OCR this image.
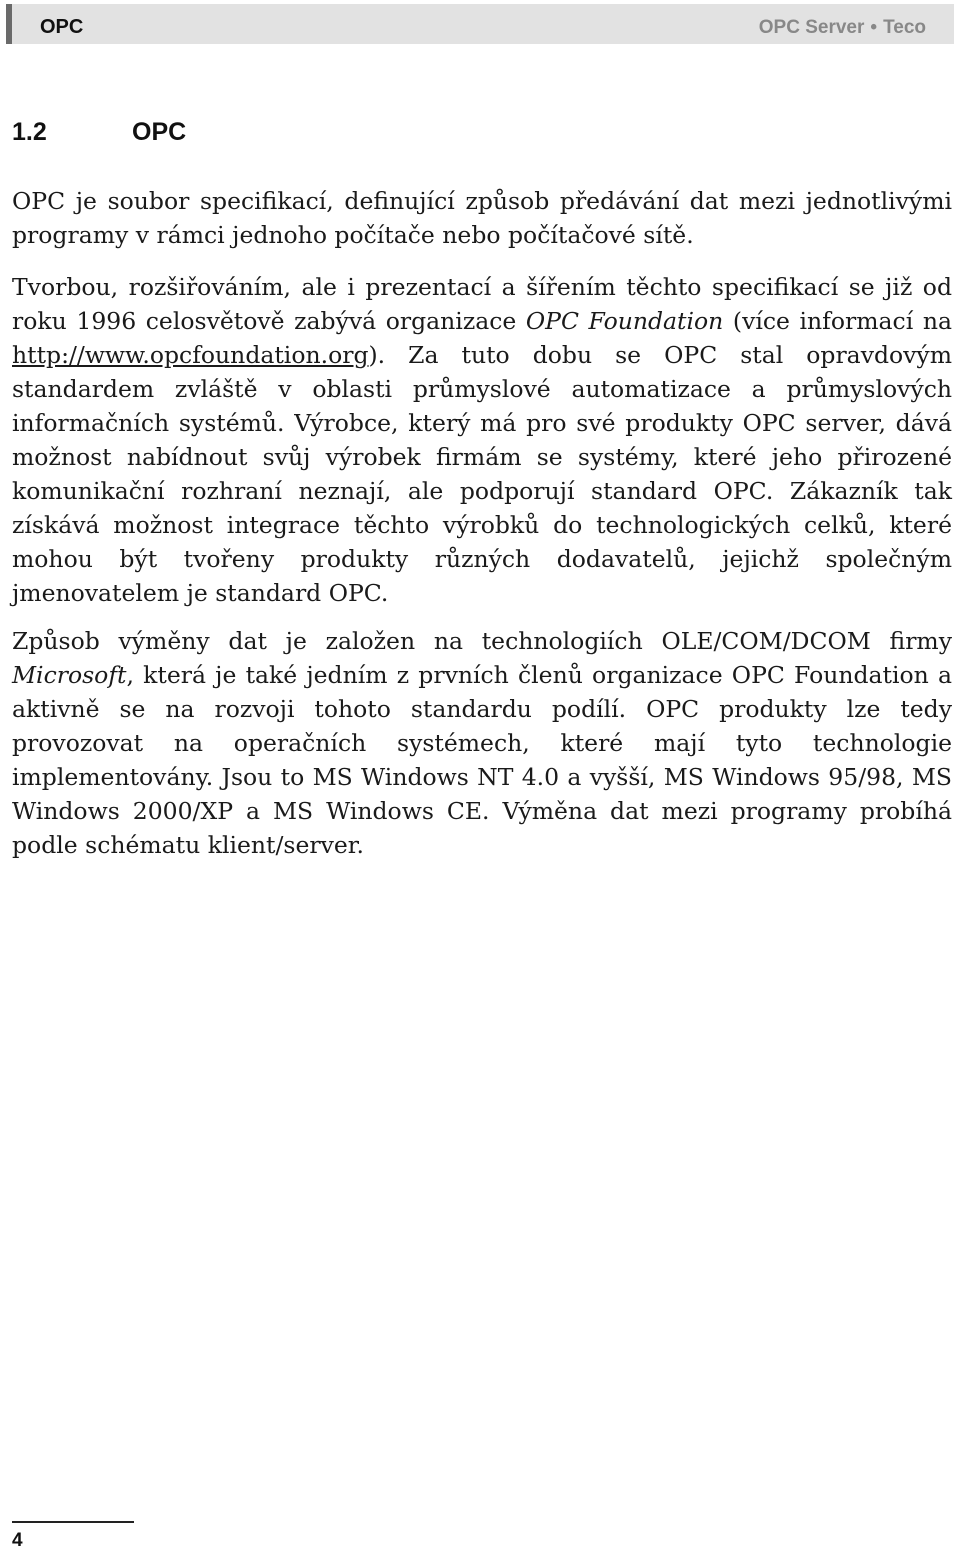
OPC	OPC Server • Teco
1.2	OPC

OPC je soubor specifikací, definující způsob předávání dat mezi jednotlivými programy v rámci jednoho počítače nebo počítačové sítě.

Tvorbou, rozšiřováním, ale i prezentací a šířením těchto specifikací se již od roku 1996 celosvětově zabývá organizace OPC Foundation (více informací na http://www.opcfoundation.org). Za tuto dobu se OPC stal opravdovým standardem zvláště v oblasti průmyslové automatizace a průmyslových informačních systémů. Výrobce, který má pro své produkty OPC server, dává možnost nabídnout svůj výrobek firmám se systémy, které jeho přirozené komunikační rozhraní neznají, ale podporují standard OPC. Zákazník tak získává možnost integrace těchto výrobků do technologických celků, které mohou být tvořeny produkty různých dodavatelů, jejichž společným jmenovatelem je standard OPC.

Způsob výměny dat je založen na technologiích OLE/COM/DCOM firmy Microsoft, která je také jedním z prvních členů organizace OPC Foundation a aktivně se na rozvoji tohoto standardu podílí. OPC produkty lze tedy provozovat na operačních systémech, které mají tyto technologie implementovány. Jsou to MS Windows NT 4.0 a vyšší, MS Windows 95/98, MS Windows 2000/XP a MS Windows CE. Výměna dat mezi programy probíhá podle schématu klient/server.

4
